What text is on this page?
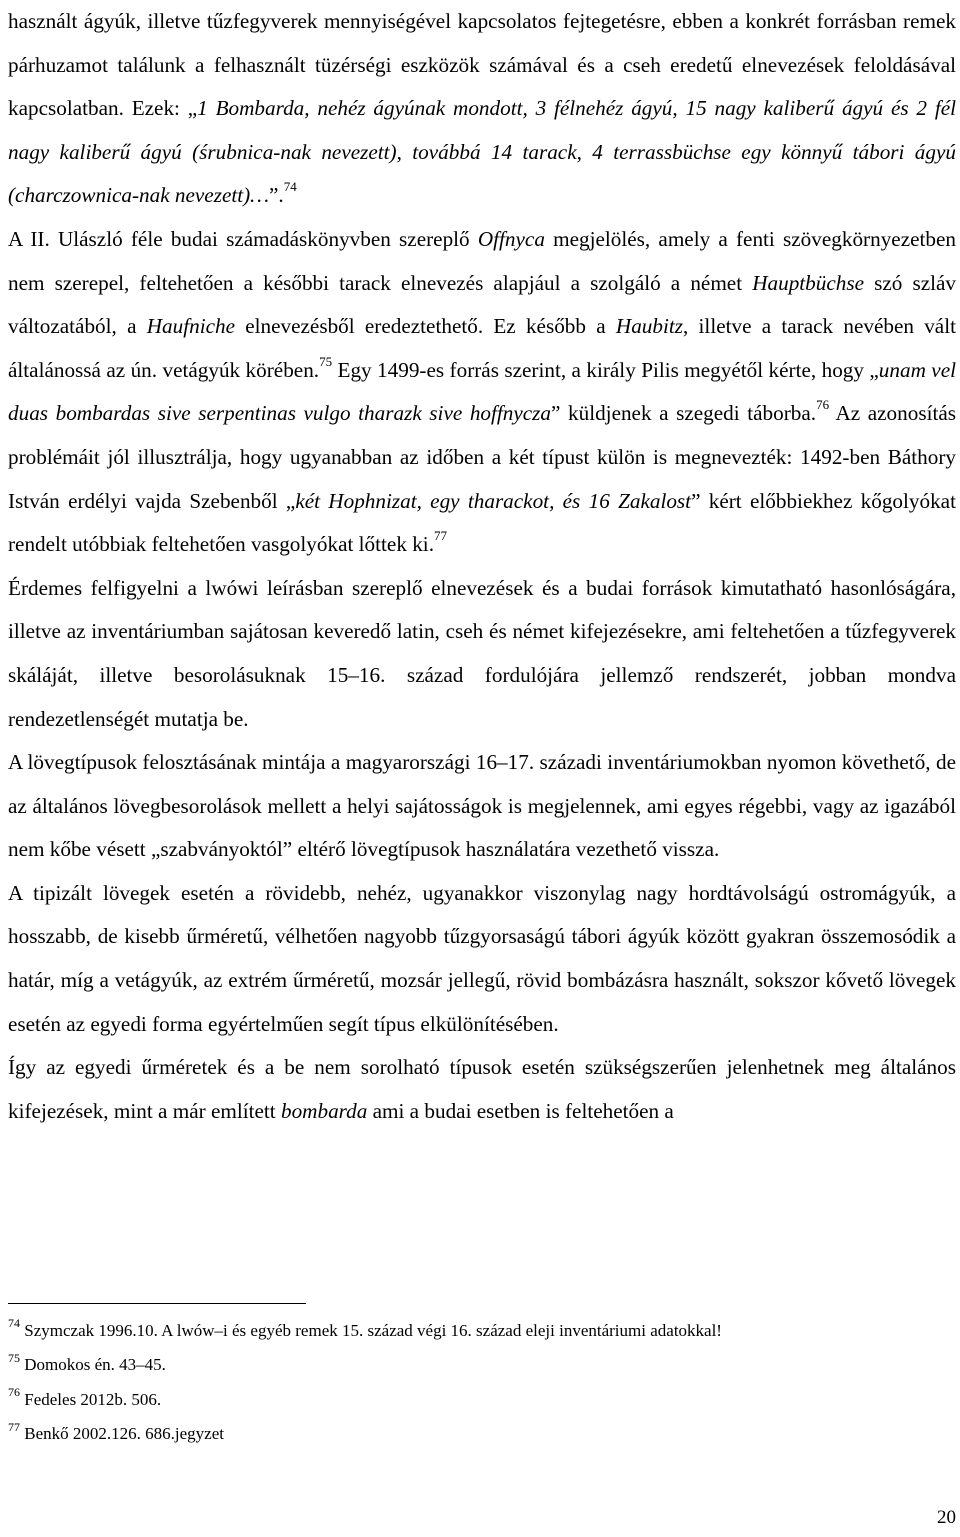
használt ágyúk, illetve tűzfegyverek mennyiségével kapcsolatos fejtegetésre, ebben a konkrét forrásban remek párhuzamot találunk a felhasznált tüzérségi eszközök számával és a cseh eredetű elnevezések feloldásával kapcsolatban. Ezek: „1 Bombarda, nehéz ágyúnak mondott, 3 félnehéz ágyú, 15 nagy kaliberű ágyú és 2 fél nagy kaliberű ágyú (śrubnica-nak nevezett), továbbá 14 tarack, 4 terrassbüchse egy könnyű tábori ágyú (charczownica-nak nevezett)…”.$^{74}$

A II. Ulászló féle budai számadáskönyvben szereplő Offnyca megjelölés, amely a fenti szövegkörnyezetben nem szerepel, feltehetően a későbbi tarack elnevezés alapjául a szolgáló a német Hauptbüchse szó szláv változatából, a Haufniche elnevezésből eredeztethető. Ez később a Haubitz, illetve a tarack nevében vált általánossá az ún. vetágyúk körében.$^{75}$ Egy 1499-es forrás szerint, a király Pilis megyétől kérte, hogy „unam vel duas bombardas sive serpentinas vulgo tharazk sive hoffnycza” küldjenek a szegedi táborba.$^{76}$ Az azonosítás problémáit jól illusztrálja, hogy ugyanabban az időben a két típust külön is megnevezték: 1492-ben Báthory István erdélyi vajda Szebenből „két Hophnizat, egy tharackot, és 16 Zakalost” kért előbbiekhez kőgolyókat rendelt utóbbiak feltehetően vasgolyókat lőttek ki.$^{77}$

Érdemes felfigyelni a lwówi leírásban szereplő elnevezések és a budai források kimutatható hasonlóságára, illetve az inventáriumban sajátosan keveredő latin, cseh és német kifejezésekre, ami feltehetően a tűzfegyverek skáláját, illetve besorolásuknak 15–16. század fordulójára jellemző rendszerét, jobban mondva rendezetlenségét mutatja be.

A lövegtípusok felosztásának mintája a magyarországi 16–17. századi inventáriumokban nyomon követhető, de az általános lövegbesorolások mellett a helyi sajátosságok is megjelennek, ami egyes régebbi, vagy az igazából nem kőbe vésett „szabványoktól” eltérő lövegtípusok használatára vezethető vissza.

A tipizált lövegek esetén a rövidebb, nehéz, ugyanakkor viszonylag nagy hordtávolságú ostromágyúk, a hosszabb, de kisebb űrméretű, vélhetően nagyobb tűzgyorsaságú tábori ágyúk között gyakran összemosódik a határ, míg a vetágyúk, az extrém űrméretű, mozsár jellegű, rövid bombázásra használt, sokszor kővető lövegek esetén az egyedi forma egyértelműen segít típus elkülönítésében.

Így az egyedi űrméretek és a be nem sorolható típusok esetén szükségszerűen jelenhetnek meg általános kifejezések, mint a már említett bombarda ami a budai esetben is feltehetően a

$^{74}$ Szymczak 1996.10. A lwów–i és egyéb remek 15. század végi 16. század eleji inventáriumi adatokkal!
$^{75}$ Domokos én. 43–45.
$^{76}$ Fedeles 2012b. 506.
$^{77}$ Benkő 2002.126. 686.jegyzet
20
